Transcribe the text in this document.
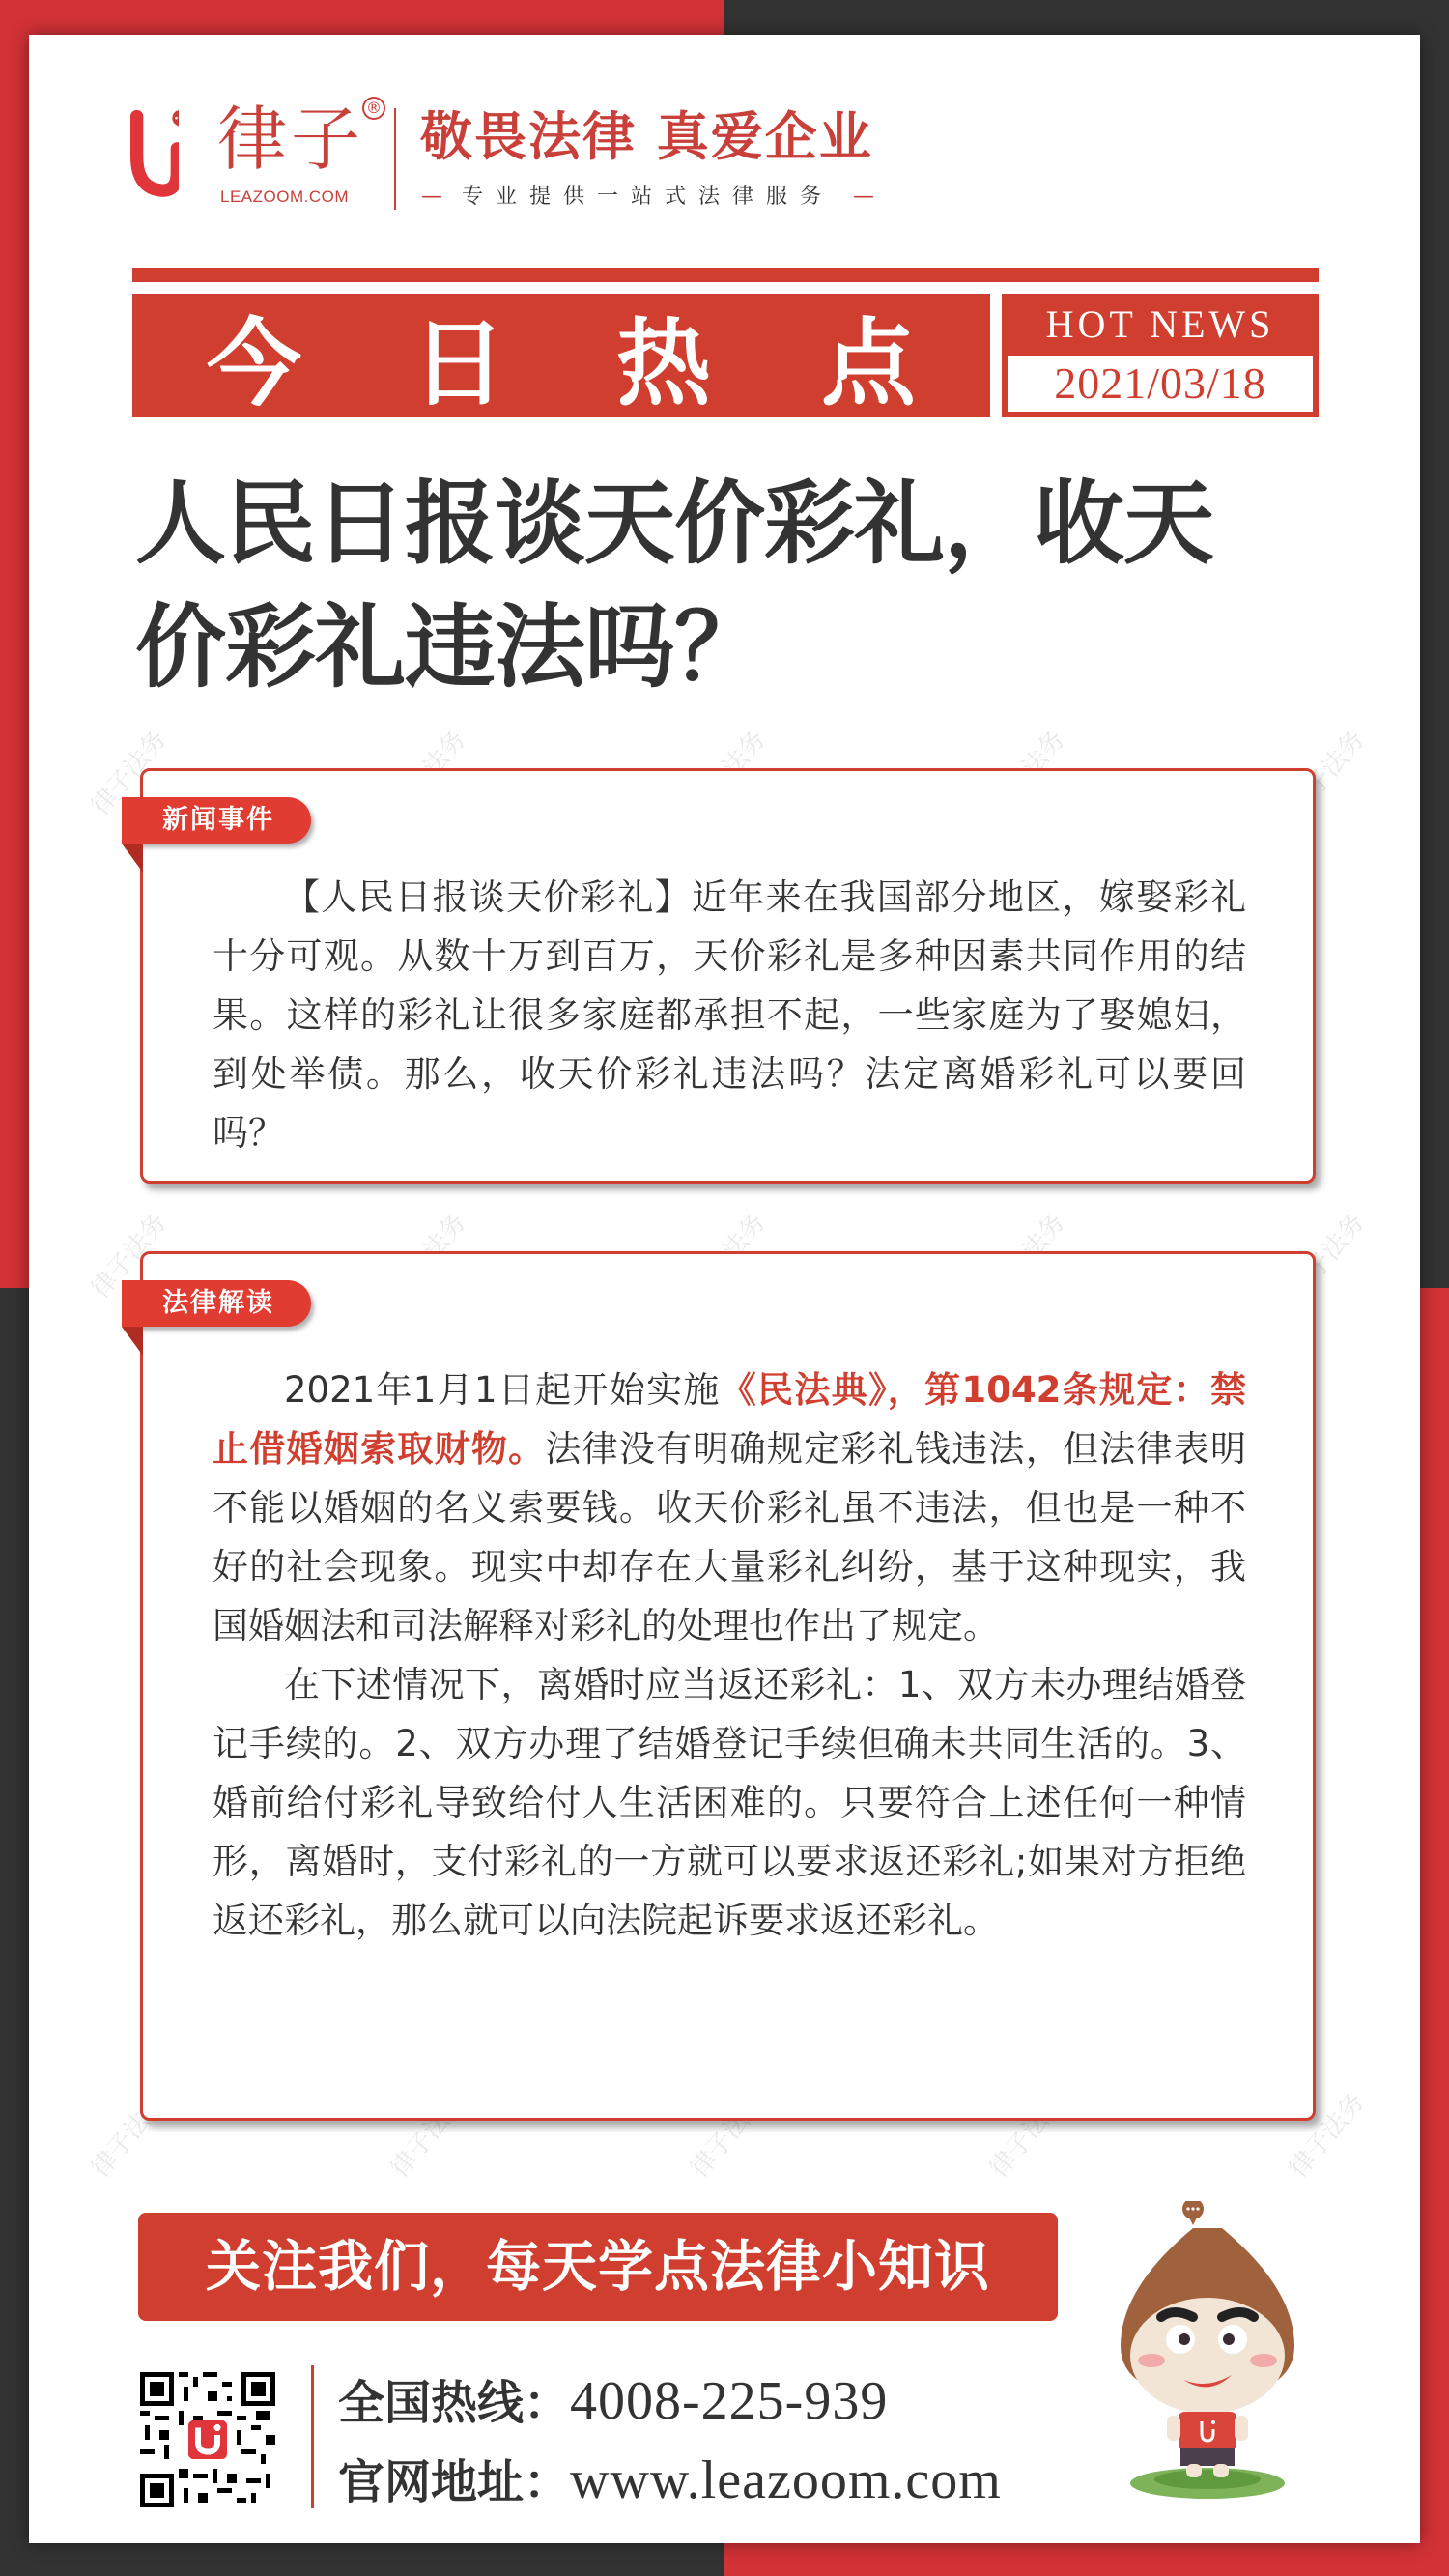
律子 ®
LEAZOOM.COM
敬畏法律 真爱企业
— 专业提供一站式法律服务 —
今 日 热 点	HOT NEWS
2021/03/18
人民日报谈天价彩礼，收天
价彩礼违法吗？
新闻事件

【人民日报谈天价彩礼】近年来在我国部分地区，嫁娶彩礼十分可观。从数十万到百万，天价彩礼是多种因素共同作用的结果。这样的彩礼让很多家庭都承担不起，一些家庭为了娶媳妇，到处举债。那么，收天价彩礼违法吗？法定离婚彩礼可以要回吗？

法律解读

2021年1月1日起开始实施《民法典》，第1042条规定：禁止借婚姻索取财物。法律没有明确规定彩礼钱违法，但法律表明不能以婚姻的名义索要钱。收天价彩礼虽不违法，但也是一种不好的社会现象。现实中却存在大量彩礼纠纷，基于这种现实，我国婚姻法和司法解释对彩礼的处理也作出了规定。

在下述情况下，离婚时应当返还彩礼：1、双方未办理结婚登记手续的。2、双方办理了结婚登记手续但确未共同生活的。3、婚前给付彩礼导致给付人生活困难的。只要符合上述任何一种情形，离婚时，支付彩礼的一方就可以要求返还彩礼;如果对方拒绝返还彩礼，那么就可以向法院起诉要求返还彩礼。

关注我们，每天学点法律小知识
全国热线：4008-225-939
官网地址：www.leazoom.com
